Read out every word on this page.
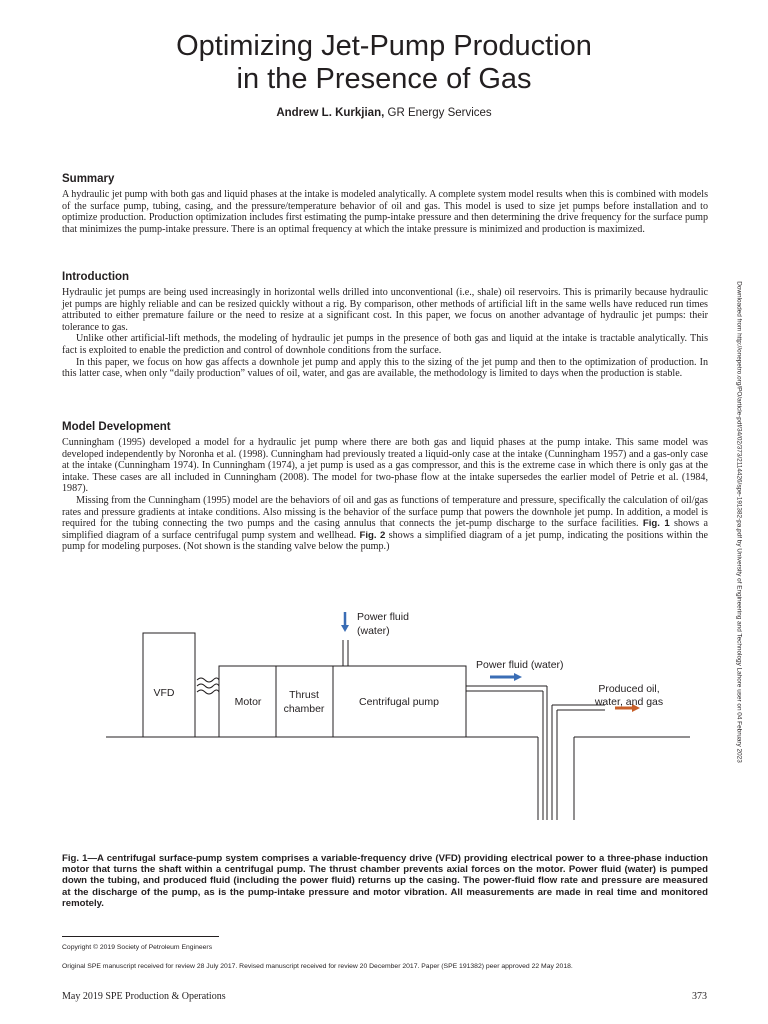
Optimizing Jet-Pump Production
in the Presence of Gas
Andrew L. Kurkjian, GR Energy Services
Summary

A hydraulic jet pump with both gas and liquid phases at the intake is modeled analytically. A complete system model results when this is combined with models of the surface pump, tubing, casing, and the pressure/temperature behavior of oil and gas. This model is used to size jet pumps before installation and to optimize production. Production optimization includes first estimating the pump-intake pressure and then determining the drive frequency for the surface pump that minimizes the pump-intake pressure. There is an optimal frequency at which the intake pressure is minimized and production is maximized.

Introduction

Hydraulic jet pumps are being used increasingly in horizontal wells drilled into unconventional (i.e., shale) oil reservoirs. This is primarily because hydraulic jet pumps are highly reliable and can be resized quickly without a rig. By comparison, other methods of artificial lift in the same wells have reduced run times attributed to either premature failure or the need to resize at a significant cost. In this paper, we focus on another advantage of hydraulic jet pumps: their tolerance to gas.

Unlike other artificial-lift methods, the modeling of hydraulic jet pumps in the presence of both gas and liquid at the intake is tractable analytically. This fact is exploited to enable the prediction and control of downhole conditions from the surface.

In this paper, we focus on how gas affects a downhole jet pump and apply this to the sizing of the jet pump and then to the optimization of production. In this latter case, when only “daily production” values of oil, water, and gas are available, the methodology is limited to days when the production is stable.

Model Development

Cunningham (1995) developed a model for a hydraulic jet pump where there are both gas and liquid phases at the pump intake. This same model was developed independently by Noronha et al. (1998). Cunningham had previously treated a liquid-only case at the intake (Cunningham 1957) and a gas-only case at the intake (Cunningham 1974). In Cunningham (1974), a jet pump is used as a gas compressor, and this is the extreme case in which there is only gas at the intake. These cases are all included in Cunningham (2008). The model for two-phase flow at the intake supersedes the earlier model of Petrie et al. (1984, 1987).

Missing from the Cunningham (1995) model are the behaviors of oil and gas as functions of temperature and pressure, specifically the calculation of oil/gas rates and pressure gradients at intake conditions. Also missing is the behavior of the surface pump that powers the downhole jet pump. In addition, a model is required for the tubing connecting the two pumps and the casing annulus that connects the jet-pump discharge to the surface facilities. Fig. 1 shows a simplified diagram of a surface centrifugal pump system and wellhead. Fig. 2 shows a simplified diagram of a jet pump, indicating the positions within the pump for modeling purposes. (Not shown is the standing valve below the pump.)	Downloaded from http://onepetro.org/PO/article-pdf/34/02/373/2114426/spe-191382-pa.pdf by University of Engineering and Technology Lahore user on 04 February 2023
VFD
Motor
Thrust
chamber
Centrifugal pump
Power fluid
(water)
Power fluid (water)
Produced oil,
water, and gas

Fig. 1—A centrifugal surface-pump system comprises a variable-frequency drive (VFD) providing electrical power to a three-phase induction motor that turns the shaft within a centrifugal pump. The thrust chamber prevents axial forces on the motor. Power fluid (water) is pumped down the tubing, and produced fluid (including the power fluid) returns up the casing. The power-fluid flow rate and pressure are measured at the discharge of the pump, as is the pump-intake pressure and motor vibration. All measurements are made in real time and monitored remotely.

Copyright © 2019 Society of Petroleum Engineers
Original SPE manuscript received for review 28 July 2017. Revised manuscript received for review 20 December 2017. Paper (SPE 191382) peer approved 22 May 2018.
May 2019 SPE Production & Operations	373
